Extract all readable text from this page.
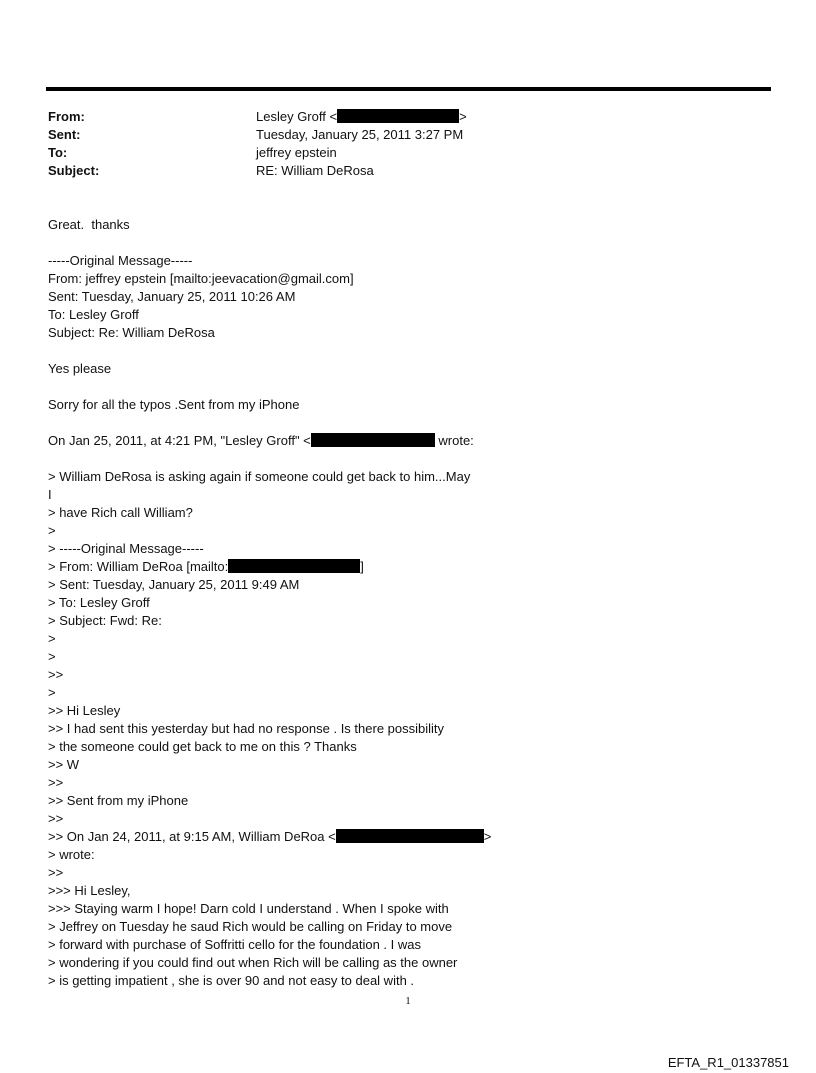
From:	Lesley Groff <	>
Sent:	Tuesday, January 25, 2011 3:27 PM
To:	jeffrey epstein
Subject:	RE: William DeRosa
Great.  thanks
-----Original Message-----
From: jeffrey epstein [mailto:jeevacation@gmail.com]
Sent: Tuesday, January 25, 2011 10:26 AM
To: Lesley Groff
Subject: Re: William DeRosa
Yes please
Sorry for all the typos .Sent from my iPhone
On Jan 25, 2011, at 4:21 PM, "Lesley Groff" <	wrote:
> William DeRosa is asking again if someone could get back to him...May
I
> have Rich call William?
>
> -----Original Message-----
> From: William DeRoa [mailto:	]
> Sent: Tuesday, January 25, 2011 9:49 AM
> To: Lesley Groff
> Subject: Fwd: Re:
>
>
>>
>
>> Hi Lesley
>> I had sent this yesterday but had no response . Is there possibility
> the someone could get back to me on this ? Thanks
>> W
>>
>> Sent from my iPhone
>>
>> On Jan 24, 2011, at 9:15 AM, William DeRoa <	>
> wrote:
>>
>>> Hi Lesley,
>>> Staying warm I hope! Darn cold I understand . When I spoke with
> Jeffrey on Tuesday he saud Rich would be calling on Friday to move
> forward with purchase of Soffritti cello for the foundation . I was
> wondering if you could find out when Rich will be calling as the owner
> is getting impatient , she is over 90 and not easy to deal with .
1
EFTA_R1_01337851
